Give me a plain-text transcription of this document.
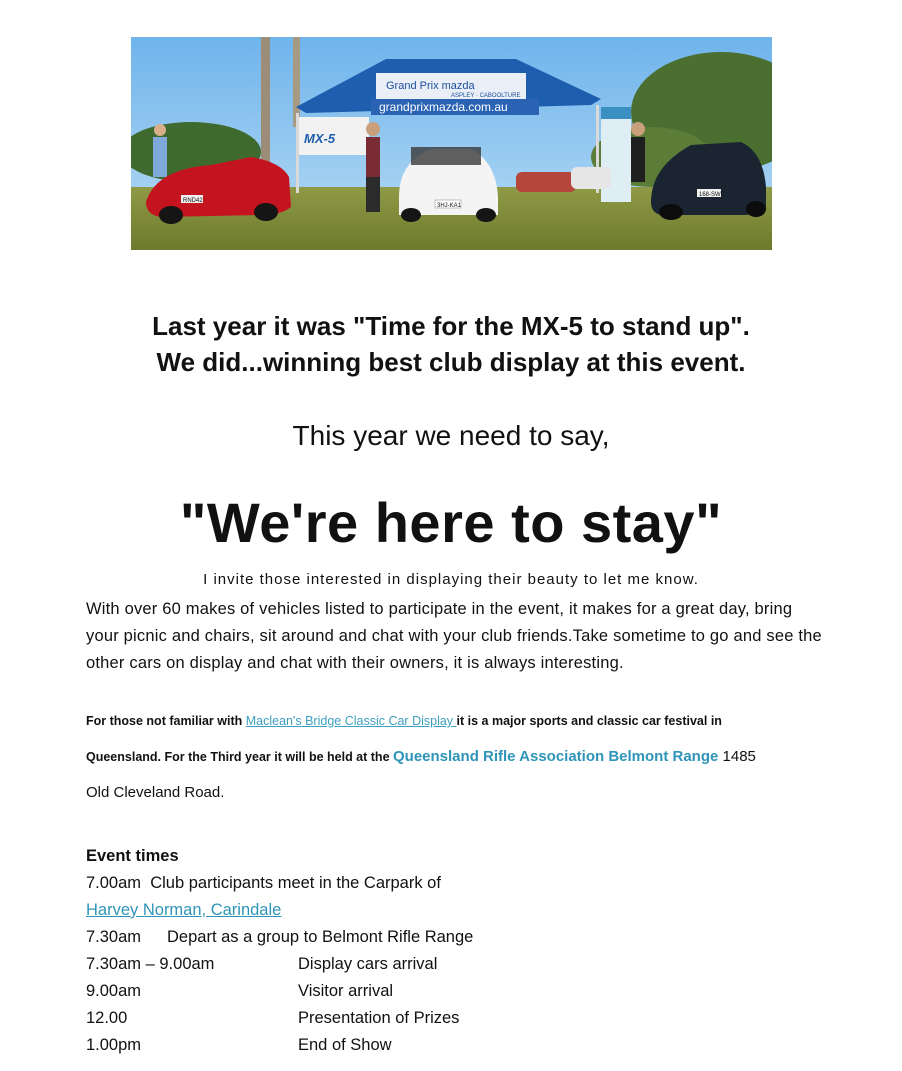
Grand Prix mazda
ASPLEY · CABOOLTURE
grandprixmazda.com.au
MX-5
RND42
3HJ-KA1
168-SWF
Last year it was "Time for the MX-5 to stand up".
We did...winning best club display at this event.
This year we need to say,
"We're here to stay"
I invite those interested in displaying their beauty to let me know.
With over 60 makes of vehicles listed to participate in the event, it makes for a great day, bring your picnic and chairs, sit around and chat with your club friends.Take sometime to go and see the other cars on display and chat with their owners, it is always interesting.
For those not familiar with Maclean's Bridge Classic Car Display it is a major sports and classic car festival in
Queensland. For the Third year it will be held at the Queensland Rifle Association Belmont Range 1485
Old Cleveland Road.
Event times
7.00am Club participants meet in the Carpark of
Harvey Norman, Carindale
7.30am Depart as a group to Belmont Rifle Range
7.30am – 9.00am	Display cars arrival
9.00am	Visitor arrival
12.00	Presentation of Prizes
1.00pm	End of Show
